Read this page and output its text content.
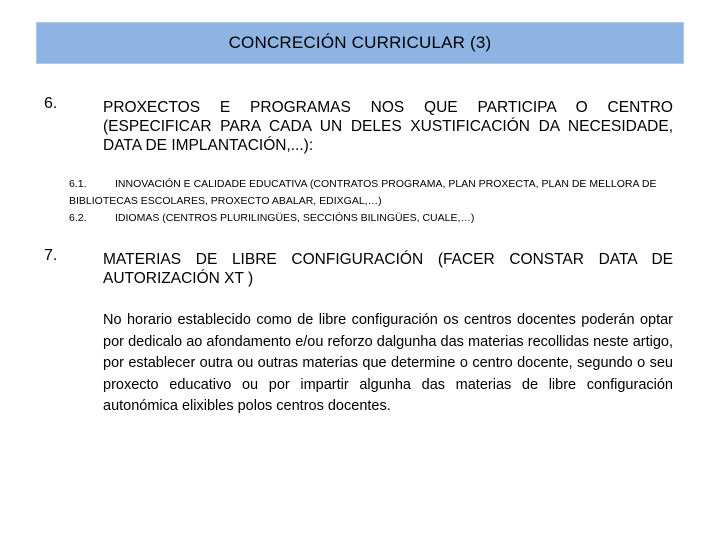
CONCRECIÓN CURRICULAR (3)
6.	PROXECTOS E PROGRAMAS NOS QUE PARTICIPA O CENTRO (ESPECIFICAR PARA CADA UN DELES XUSTIFICACIÓN DA NECESIDADE, DATA DE IMPLANTACIÓN,...):
6.1.	INNOVACIÓN E CALIDADE EDUCATIVA (CONTRATOS PROGRAMA, PLAN PROXECTA, PLAN DE MELLORA DE BIBLIOTECAS ESCOLARES, PROXECTO ABALAR, EDIXGAL,…)
6.2.	IDIOMAS (CENTROS PLURILINGÜES, SECCIÓNS BILINGÜES, CUALE,…)
7.	MATERIAS DE LIBRE CONFIGURACIÓN (FACER CONSTAR DATA DE AUTORIZACIÓN XT )
No horario establecido como de libre configuración os centros docentes poderán optar por dedicalo ao afondamento e/ou reforzo dalgunha das materias recollidas neste artigo, por establecer outra ou outras materias que determine o centro docente, segundo o seu proxecto educativo ou por impartir algunha das materias de libre configuración autonómica elixibles polos centros docentes.
